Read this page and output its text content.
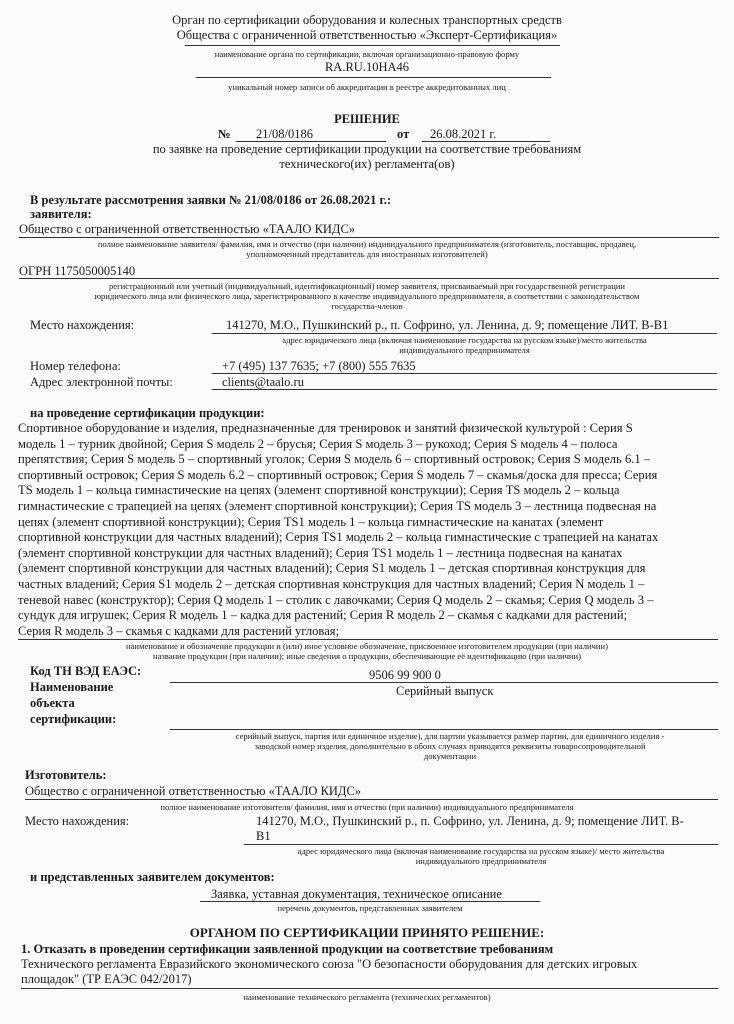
Орган по сертификации оборудования и колесных транспортных средств
Общества с ограниченной ответственностью «Эксперт-Сертификация»
наименование органа по сертификации, включая организационно-правовую форму
RA.RU.10НА46
уникальный номер записи об аккредитации в реестре аккредитованных лиц
РЕШЕНИЕ
№ 21/08/0186	от 26.08.2021 г.
по заявке на проведение сертификации продукции на соответствие требованиям
технического(их) регламента(ов)
В результате рассмотрения заявки № 21/08/0186 от 26.08.2021 г.:
заявителя:
Общество с ограниченной ответственностью «ТААЛО КИДС»
полное наименование заявителя/ фамилия, имя и отчество (при наличии) индивидуального предпринимателя (изготовитель, поставщик, продавец,
уполномоченный представитель для иностранных изготовителей)
ОГРН 1175050005140
регистрационный или учетный (индивидуальный, идентификационный) номер заявителя, присваиваемый при государственной регистрации
юридического лица или физического лица, зарегистрированного в качестве индивидуального предпринимателя, в соответствии с законодательством
государства-членов
Место нахождения:	141270, М.О., Пушкинский р., п. Софрино, ул. Ленина, д. 9; помещение ЛИТ. В-В1
адрес юридического лица (включая наименование государства на русском языке)/место жительства
индивидуального предпринимателя
Номер телефона:	+7 (495) 137 7635; +7 (800) 555 7635
Адрес электронной почты:	clients@taalo.ru
на проведение сертификации продукции:
Спортивное оборудование и изделия, предназначенные для тренировок и занятий физической культурой : Серия S
модель 1 – турник двойной; Серия S модель 2 – брусья; Серия S модель 3 – рукоход; Серия S модель 4 – полоса
препятствия; Серия S модель 5 – спортивный уголок; Серия S модель 6 – спортивный островок; Серия S модель 6.1 –
спортивный островок; Серия S модель 6.2 – спортивный островок; Серия S модель 7 – скамья/доска для пресса; Серия
TS модель 1 – кольца гимнастические на цепях (элемент спортивной конструкции); Серия TS модель 2 – кольца
гимнастические с трапецией на цепях (элемент спортивной конструкции); Серия TS модель 3 – лестница подвесная на
цепях (элемент спортивной конструкции); Серия TS1 модель 1 – кольца гимнастические на канатах (элемент
спортивной конструкции для частных владений); Серия TS1 модель 2 – кольца гимнастические с трапецией на канатах
(элемент спортивной конструкции для частных владений); Серия TS1 модель 1 – лестница подвесная на канатах
(элемент спортивной конструкции для частных владений); Серия S1 модель 1 – детская спортивная конструкция для
частных владений; Серия S1 модель 2 – детская спортивная конструкция для частных владений; Серия N модель 1 –
теневой навес (конструктор); Серия Q модель 1 – столик с лавочками; Серия Q модель 2 – скамья; Серия Q модель 3 –
сундук для игрушек; Серия R модель 1 – кадка для растений; Серия R модель 2 – скамья с кадками для растений;
Серия R модель 3 – скамья с кадками для растений угловая;
наименование и обозначение продукции и (или) иное условное обозначение, присвоенное изготовителем продукции (при наличии)
название продукции (при наличии); иные сведения о продукции, обеспечивающие её идентификацию (при наличии)
Код ТН ВЭД ЕАЭС:	9506 99 900 0
Наименование
объекта
сертификации:
Серийный выпуск
серийный выпуск, партия или единичное изделие), для партии указывается размер партии, для единичного изделия -
заводской номер изделия, дополнительно в обоих случаях приводятся реквизиты товаросопроводительной
документации
Изготовитель:
Общество с ограниченной ответственностью «ТААЛО КИДС»
полное наименование изготовителя/ фамилия, имя и отчество (при наличии) индивидуального предпринимателя
Место нахождения:	141270, М.О., Пушкинский р., п. Софрино, ул. Ленина, д. 9; помещение ЛИТ. В-
В1
адрес юридического лица (включая наименование государства на русском языке)/ место жительства
индивидуального предпринимателя
и представленных заявителем документов:
Заявка, уставная документация, техническое описание
перечень документов, представленных заявителем
ОРГАНОМ ПО СЕРТИФИКАЦИИ ПРИНЯТО РЕШЕНИЕ:
1. Отказать в проведении сертификации заявленной продукции на соответствие требованиям
Технического регламента Евразийского экономического союза "О безопасности оборудования для детских игровых
площадок" (ТР ЕАЭС 042/2017)
наименование технического регламента (технических регламентов)
